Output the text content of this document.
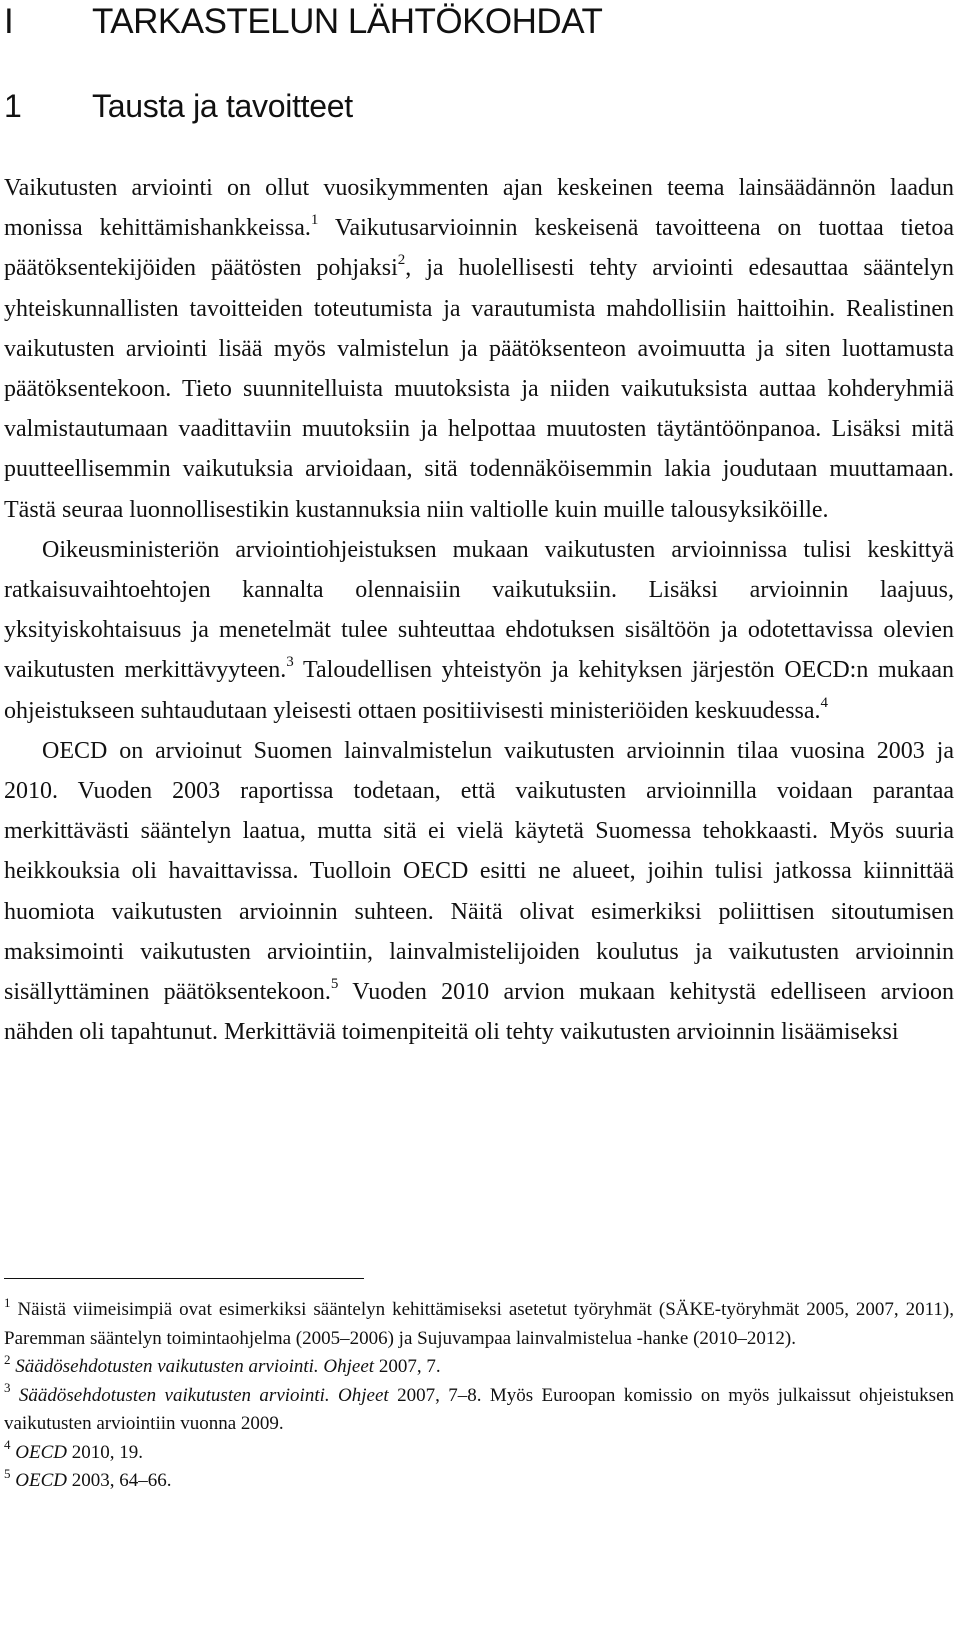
I TARKASTELUN LÄHTÖKOHDAT
1 Tausta ja tavoitteet

Vaikutusten arviointi on ollut vuosikymmenten ajan keskeinen teema lainsäädännön laadun monissa kehittämishankkeissa.$^1$ Vaikutusarvioinnin keskeisenä tavoitteena on tuottaa tietoa päätöksentekijöiden päätösten pohjaksi$^2$, ja huolellisesti tehty arviointi edesauttaa sääntelyn yhteiskunnallisten tavoitteiden toteutumista ja varautumista mahdollisiin haittoihin. Realistinen vaikutusten arviointi lisää myös valmistelun ja päätöksenteon avoimuutta ja siten luottamusta päätöksentekoon. Tieto suunnitelluista muutoksista ja niiden vaikutuksista auttaa kohderyhmiä valmistautumaan vaadittaviin muutoksiin ja helpottaa muutosten täytäntöönpanoa. Lisäksi mitä puutteellisemmin vaikutuksia arvioidaan, sitä todennäköisemmin lakia joudutaan muuttamaan. Tästä seuraa luonnollisestikin kustannuksia niin valtiolle kuin muille talousyksiköille.

Oikeusministeriön arviointiohjeistuksen mukaan vaikutusten arvioinnissa tulisi keskittyä ratkaisuvaihtoehtojen kannalta olennaisiin vaikutuksiin. Lisäksi arvioinnin laajuus, yksityiskohtaisuus ja menetelmät tulee suhteuttaa ehdotuksen sisältöön ja odotettavissa olevien vaikutusten merkittävyyteen.$^3$ Taloudellisen yhteistyön ja kehityksen järjestön OECD:n mukaan ohjeistukseen suhtaudutaan yleisesti ottaen positiivisesti ministeriöiden keskuudessa.$^4$

OECD on arvioinut Suomen lainvalmistelun vaikutusten arvioinnin tilaa vuosina 2003 ja 2010. Vuoden 2003 raportissa todetaan, että vaikutusten arvioinnilla voidaan parantaa merkittävästi sääntelyn laatua, mutta sitä ei vielä käytetä Suomessa tehokkaasti. Myös suuria heikkouksia oli havaittavissa. Tuolloin OECD esitti ne alueet, joihin tulisi jatkossa kiinnittää huomiota vaikutusten arvioinnin suhteen. Näitä olivat esimerkiksi poliittisen sitoutumisen maksimointi vaikutusten arviointiin, lainvalmistelijoiden koulutus ja vaikutusten arvioinnin sisällyttäminen päätöksentekoon.$^5$ Vuoden 2010 arvion mukaan kehitystä edelliseen arvioon nähden oli tapahtunut. Merkittäviä toimenpiteitä oli tehty vaikutusten arvioinnin lisäämiseksi

$^1$ Näistä viimeisimpiä ovat esimerkiksi sääntelyn kehittämiseksi asetetut työryhmät (SÄKE-työryhmät 2005, 2007, 2011), Paremman sääntelyn toimintaohjelma (2005–2006) ja Sujuvampaa lainvalmistelua -hanke (2010–2012).

$^2$ Säädösehdotusten vaikutusten arviointi. Ohjeet 2007, 7.

$^3$ Säädösehdotusten vaikutusten arviointi. Ohjeet 2007, 7–8. Myös Euroopan komissio on myös julkaissut ohjeistuksen vaikutusten arviointiin vuonna 2009.

$^4$ OECD 2010, 19.

$^5$ OECD 2003, 64–66.
